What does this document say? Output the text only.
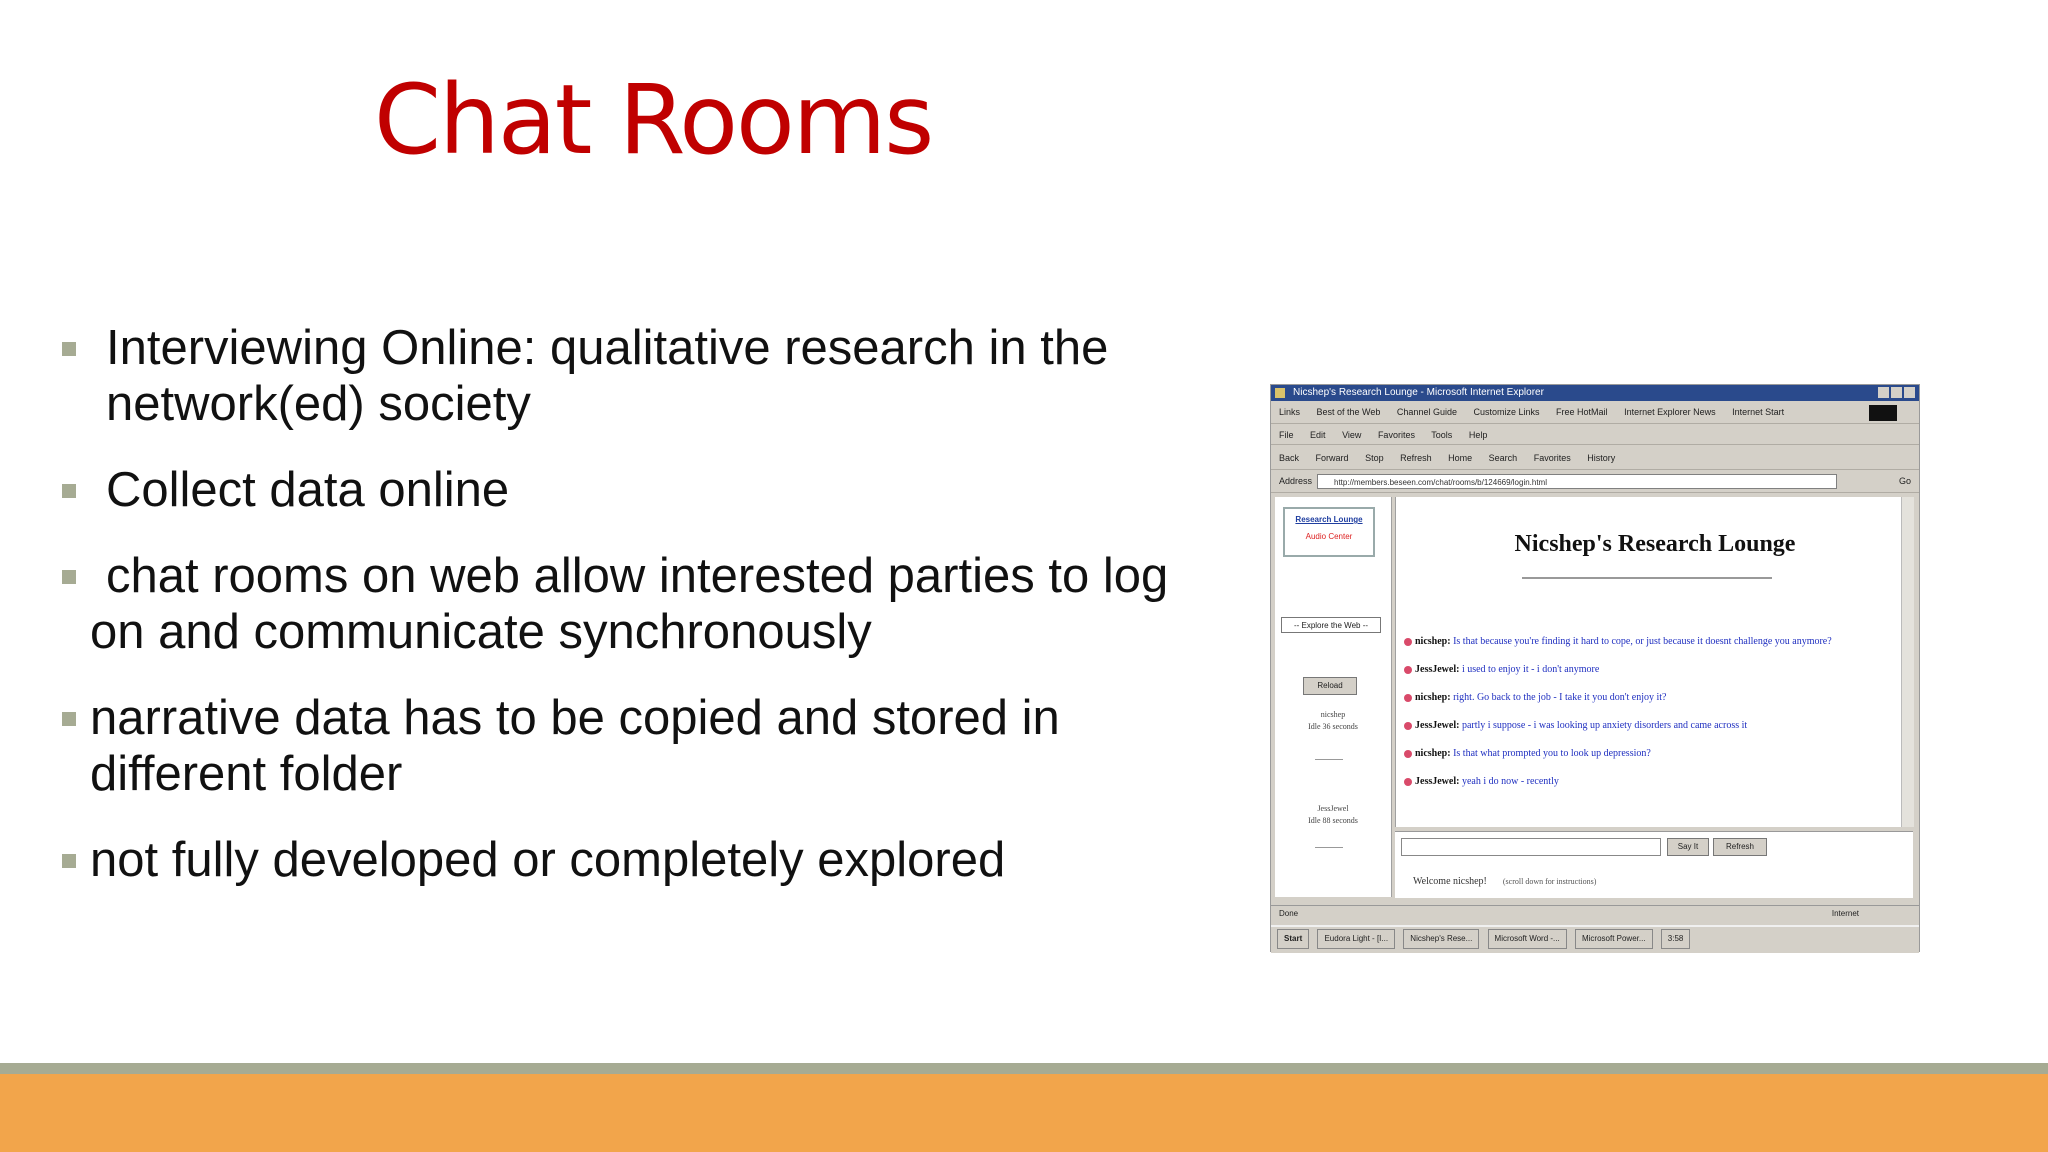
Chat Rooms
Interviewing Online: qualitative research in the network(ed) society
Collect data online
chat rooms on web allow interested parties to log on and communicate synchronously
narrative data has to be copied and stored in different folder
not fully developed or completely explored
Nicshep's Research Lounge - Microsoft Internet Explorer
Links Best of the Web Channel Guide Customize Links Free HotMail Internet Explorer News Internet Start
File Edit View Favorites Tools Help
Back Forward Stop Refresh Home Search Favorites History
Address	http://members.beseen.com/chat/rooms/b/124669/login.html	Go
Research Lounge
Audio Center
-- Explore the Web --
Reload
nicshep
Idle 36 seconds
JessJewel
Idle 88 seconds
Nicshep's Research Lounge
nicshep: Is that because you're finding it hard to cope, or just because it doesnt challenge you anymore?
JessJewel: i used to enjoy it - i don't anymore
nicshep: right. Go back to the job - I take it you don't enjoy it?
JessJewel: partly i suppose - i was looking up anxiety disorders and came across it
nicshep: Is that what prompted you to look up depression?
JessJewel: yeah i do now - recently
Say It	Refresh
Welcome nicshep! (scroll down for instructions)
Done	Internet
Start	Eudora Light - [I...	Nicshep's Rese...	Microsoft Word -...	Microsoft Power...	3:58
